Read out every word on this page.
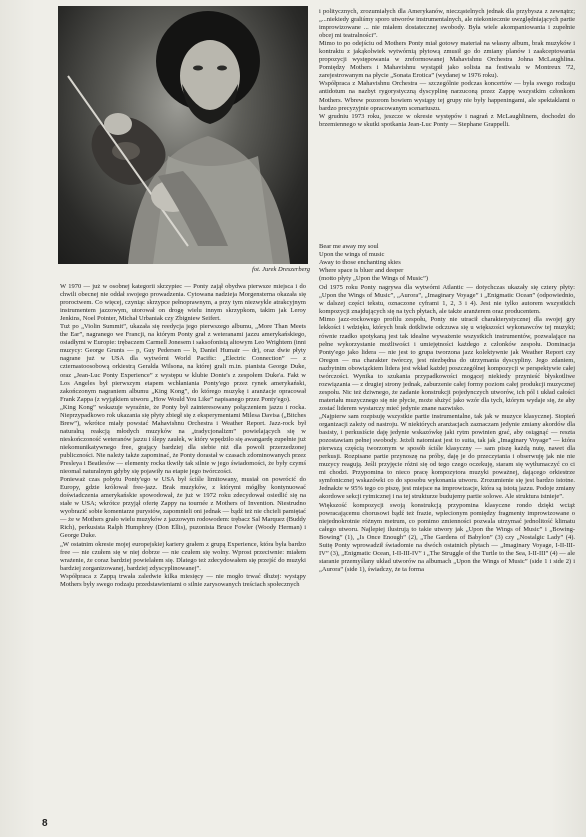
fot. Jurek Dreszerberg

W 1970 — już w osobnej kategorii skrzypiec — Ponty zajął obydwa pierwsze miejsca i do chwili obecnej nie oddał swojego prowadzenia. Cytowana nadzieja Morgensterna okazała się proroctwem. Co więcej, czyniąc skrzypce pełnoprawnym, a przy tym niezwykle atrakcyjnym instrumentem jazzowym, utorował on drogę wielu innym skrzypkom, takim jak Leroy Jenkins, Noel Pointer, Michał Urbaniak czy Zbigniew Seifert.

Tuż po „Violin Summit”, ukazała się reedycja jego pierwszego albumu, „More Than Meets the Ear”, nagranego we Francji, na którym Ponty grał z weteranami jazzu amerykańskiego, osiadłymi w Europie: trębaczem Carmell Jonesem i saksofonistą altowym Leo Wrightem (inni muzycy: George Grunts — p, Guy Pedersen — b, Daniel Humair — dr), oraz dwie płyty nagrane już w USA dla wytwórni World Pacific: „Electric Connection” — z czternastoosobową orkiestrą Geralda Wilsona, na której grali m.in. pianista George Duke, oraz „Jean-Luc Ponty Experience” z występu w klubie Donte's z zespołem Duke'a. Fakt w Los Angeles był pierwszym etapem wchłaniania Ponty'ego przez rynek amerykański, zakończonym nagraniem albumu „King Kong”, do którego muzykę i aranżacje opracował Frank Zappa (z wyjątkiem utworu „How Would You Like” napisanego przez Ponty'ego).

„King Kong” wskazuje wyraźnie, że Ponty był zainteresowany połączeniem jazzu i rocka. Nieprzypadkowo rok ukazania się płyty zbiegł się z eksperymentami Milesa Davisa („Bitches Brew”), wkrótce miały powstać Mahavishnu Orchestra i Weather Report. Jazz-rock był naturalną reakcją młodych muzyków na „tradycjonalizm” powielających się w nieskończoność weteranów jazzu i ślepy zaułek, w który wpędziło się awangardę zupełnie już niekomunikatywnego free, grający bardziej dla siebie niż dla powoli przerzedzonej publiczności. Nie należy także zapominać, że Ponty dorastał w czasach zdominowanych przez Presleya i Beatlesów — elementy rocka tkwiły tak silnie w jego świadomości, że były czymś nieomal naturalnym gdyby się pojawiły na etapie jego twórczości.

Ponieważ czas pobytu Ponty'ego w USA był ściśle limitowany, musiał on powrócić do Europy, gdzie królował free-jazz. Brak muzyków, z którymi mógłby kontynuować doświadczenia amerykańskie spowodował, że już w 1972 roku zdecydował osiedlić się na stałe w USA; wkrótce przyjął ofertę Zappy na tournée z Mothers of Invention. Niestrudno wyobrazić sobie komentarze purystów, zapomnieli oni jednak — bądź też nie chcieli pamiętać — że w Mothers grało wielu muzyków z jazzowym rodowodem: trębacz Sal Marquez (Buddy Rich), perkusista Ralph Humphrey (Don Ellis), puzonista Bruce Fowler (Woody Herman) i George Duke.

„W ostatnim okresie mojej europejskiej kariery grałem z grupą Experience, która była bardzo free — nie czułem się w niej dobrze — nie czułem się wolny. Wprost przeciwnie: miałem wrażenie, że coraz bardziej powielałem się. Dlatego też zdecydowałem się przejść do muzyki bardziej zorganizowanej, bardziej zdyscyplinowanej”.

Współpraca z Zappą trwała zaledwie kilka miesięcy — nie mogło trwać dłużej: wystąpy Mothers były swego rodzaju przedstawieniami o silnie zarysowanych treściach społecznych

i politycznych, zrozumiałych dla Amerykanów, niecząstelnych jednak dla przybysza z zewnątrz; „...niekiedy graliśmy sporo utworów instrumentalnych, ale niekoniecznie uwzględniających partie improwizowane ... nie miałem dostatecznej swobody. Była wiele akompaniowania i zupełnie obcej mi teatralności”.

Mimo to po odejściu od Mothers Ponty miał gotowy materiał na własny album, brak muzyków i kontraktu z jakąkolwiek wytwórnią płytową zmusił go do zmiany planów i zaakceptowania propozycji występowania w zreformowanej Mahavishnu Orchestra Johna McLaughlina. Pomiędzy Mothers i Mahavishnu wystąpił jako solista na festiwalu w Montreux '72, zarejestrowanym na płycie „Sonata Erotica” (wydanej w 1976 roku).

Współpraca z Mahavishnu Orchestra — szczególnie podczas koncertów — była swego rodzaju antidotum na nazbyt rygorystyczną dyscyplinę narzuconą przez Zappę wszystkim członkom Mothers. Wbrew pozorom bowiem wystąpy tej grupy nie były happeningami, ale spektaklami o bardzo precyzyjnie opracowanym scenariuszu.

W grudniu 1973 roku, jeszcze w okresie występów i nagrań z McLaughlinem, dochodzi do brzemiennego w skutki spotkania Jean-Luc Ponty — Stephane Grappelli.

Bear me away my soul
Upon the wings of music
Away to those enchanting skies
Where space is bluer and deeper
(motto płyty „Upon the Wings of Music”)

Od 1975 roku Ponty nagrywa dla wytwórni Atlantic — dotychczas ukazały się cztery płyty: „Upon the Wings of Music”, „Aurora”, „Imaginary Voyage” i „Enigmatic Ocean” (odpowiednio, w dalszej części tekstu, oznaczone cyframi 1, 2, 3 i 4). Jest nie tylko autorem wszystkich kompozycji znajdujących się na tych płytach, ale także aranżerem oraz producentem.

Mimo jazz-rockowego profilu zespołu, Ponty nie utracił charakterystycznej dla swojej gry lekkości i wdzięku, których brak dotkliwie odczuwa się u większości wykonawców tej muzyki; równie rzadko spotykaną jest tak idealne wyważenie wszystkich instrumentów, pozwalające na pełne wykorzystanie możliwości i umiejętności każdego z członków zespołu. Dominacja Ponty'ego jako lidera — nie jest to grupa tworzona jazz kolektywnie jak Weather Report czy Oregon — ma charakter twórczy, jest niezbędna do utrzymania dyscypliny. Jego zdaniem, nazbytnim obowiązkiem lidera jest wkład każdej poszczególnej kompozycji w perspektywie całej twórczości. Wynika to szukania przypadkowości mogącej niekiedy przynieść błyskotliwe rozwiązania — z drugiej strony jednak, zaburzenie całej formy poziom całej produkcji muzycznej zespołu. Nic też dziwnego, że zadanie konstrukcji pojedynczych utworów, ich pól i układ całości materiału muzycznego się nie płycie, może służyć jako wzór dla tych, którym wydaje się, że aby zostać liderem wystarczy mieć jedynie znane nazwisko.

„Najpierw sam rozpisuję wszystkie partie instrumentalne, tak jak w muzyce klasycznej. Stopień organizacji zależy od nastroju. W niektórych aranżacjach zaznaczam jedynie zmiany akordów dla basisty, i perkusiście daję jedynie wskazówkę jaki rytm powinien grać, aby osiągnąć — reszta pozostawiam pełnej swobody. Jeżeli natomiast jest to suita, tak jak „Imaginary Voyage” — która pierwszą częścią tworzonym w sposób ściśle klasyczny — sam piszę każdą nutę, nawet dla perkusji. Rozpisane partie przynoszę na próby, daję je do przeczytania i obserwuję jak nie nie muzycy reagują. Jeśli przyjęcie różni się od tego czego oczekuję, staram się wytłumaczyć co ci mi chodzi. Przypomina to nieco pracę kompozytora muzyki poważnej, dającego orkiestrze symfonicznej wskazówki co do sposobu wykonania utworu. Zrozumienie się jest bardzo istotne. Jednakże w 95% tego co piszę, jest miejsce na improwizacje, która są istotą jazzu. Podoje zmiany akordowe sekcji rytmicznej i na tej strukturze budujemy partie solowe. Ale struktura istnieje”.

Większość kompozycji swoją konstrukcją przypomina klasyczne rondo dzięki wciąż powracającemu chorusowi bądź też frazie, wplecionym pomiędzy fragmenty improwizowane o niejednokrotnie różnym metrum, co pomimo zmienności pozwala utrzymać jednolitość klimatu całego utworu. Najlepiej ilustrują to takie utwory jak „Upon the Wings of Music” i „Bowing-Bowing” (1), „Is Once Enough” (2), „The Gardens of Babylon” (3) czy „Nostalgic Lady” (4). Suitę Ponty wprowadził świadomie na dwóch ostatnich płytach — „Imaginary Voyage, I-II-III-IV” (3), „Enigmatic Ocean, I-II-III-IV” i „The Struggle of the Turtle to the Sea, I-II-III” (4) — ale staranie przemyślany układ utworów na albumach „Upon the Wings of Music” (side 1 i side 2) i „Aurora” (side 1), świadczy, że ta forma

8
